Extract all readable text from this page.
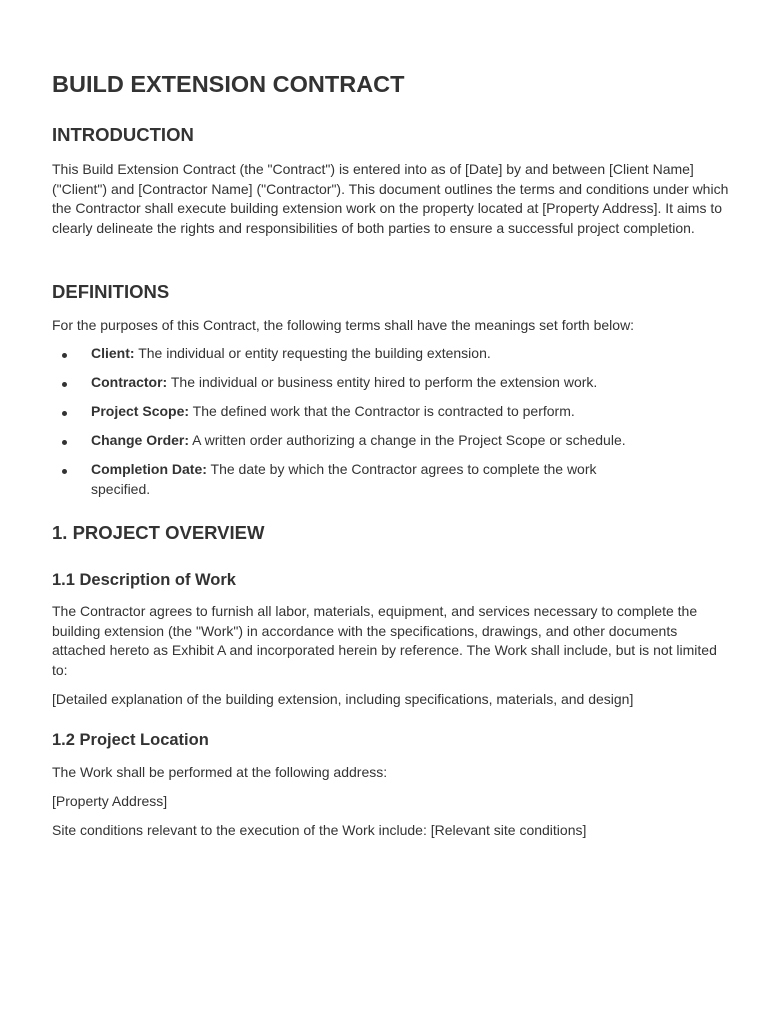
BUILD EXTENSION CONTRACT
INTRODUCTION

This Build Extension Contract (the "Contract") is entered into as of [Date] by and between [Client Name] ("Client") and [Contractor Name] ("Contractor"). This document outlines the terms and conditions under which the Contractor shall execute building extension work on the property located at [Property Address]. It aims to clearly delineate the rights and responsibilities of both parties to ensure a successful project completion.

DEFINITIONS

For the purposes of this Contract, the following terms shall have the meanings set forth below:

Client: The individual or entity requesting the building extension.
Contractor: The individual or business entity hired to perform the extension work.
Project Scope: The defined work that the Contractor is contracted to perform.
Change Order: A written order authorizing a change in the Project Scope or schedule.
Completion Date: The date by which the Contractor agrees to complete the work specified.
1. PROJECT OVERVIEW
1.1 Description of Work

The Contractor agrees to furnish all labor, materials, equipment, and services necessary to complete the building extension (the "Work") in accordance with the specifications, drawings, and other documents attached hereto as Exhibit A and incorporated herein by reference. The Work shall include, but is not limited to:

[Detailed explanation of the building extension, including specifications, materials, and design]

1.2 Project Location

The Work shall be performed at the following address:

[Property Address]

Site conditions relevant to the execution of the Work include: [Relevant site conditions]
